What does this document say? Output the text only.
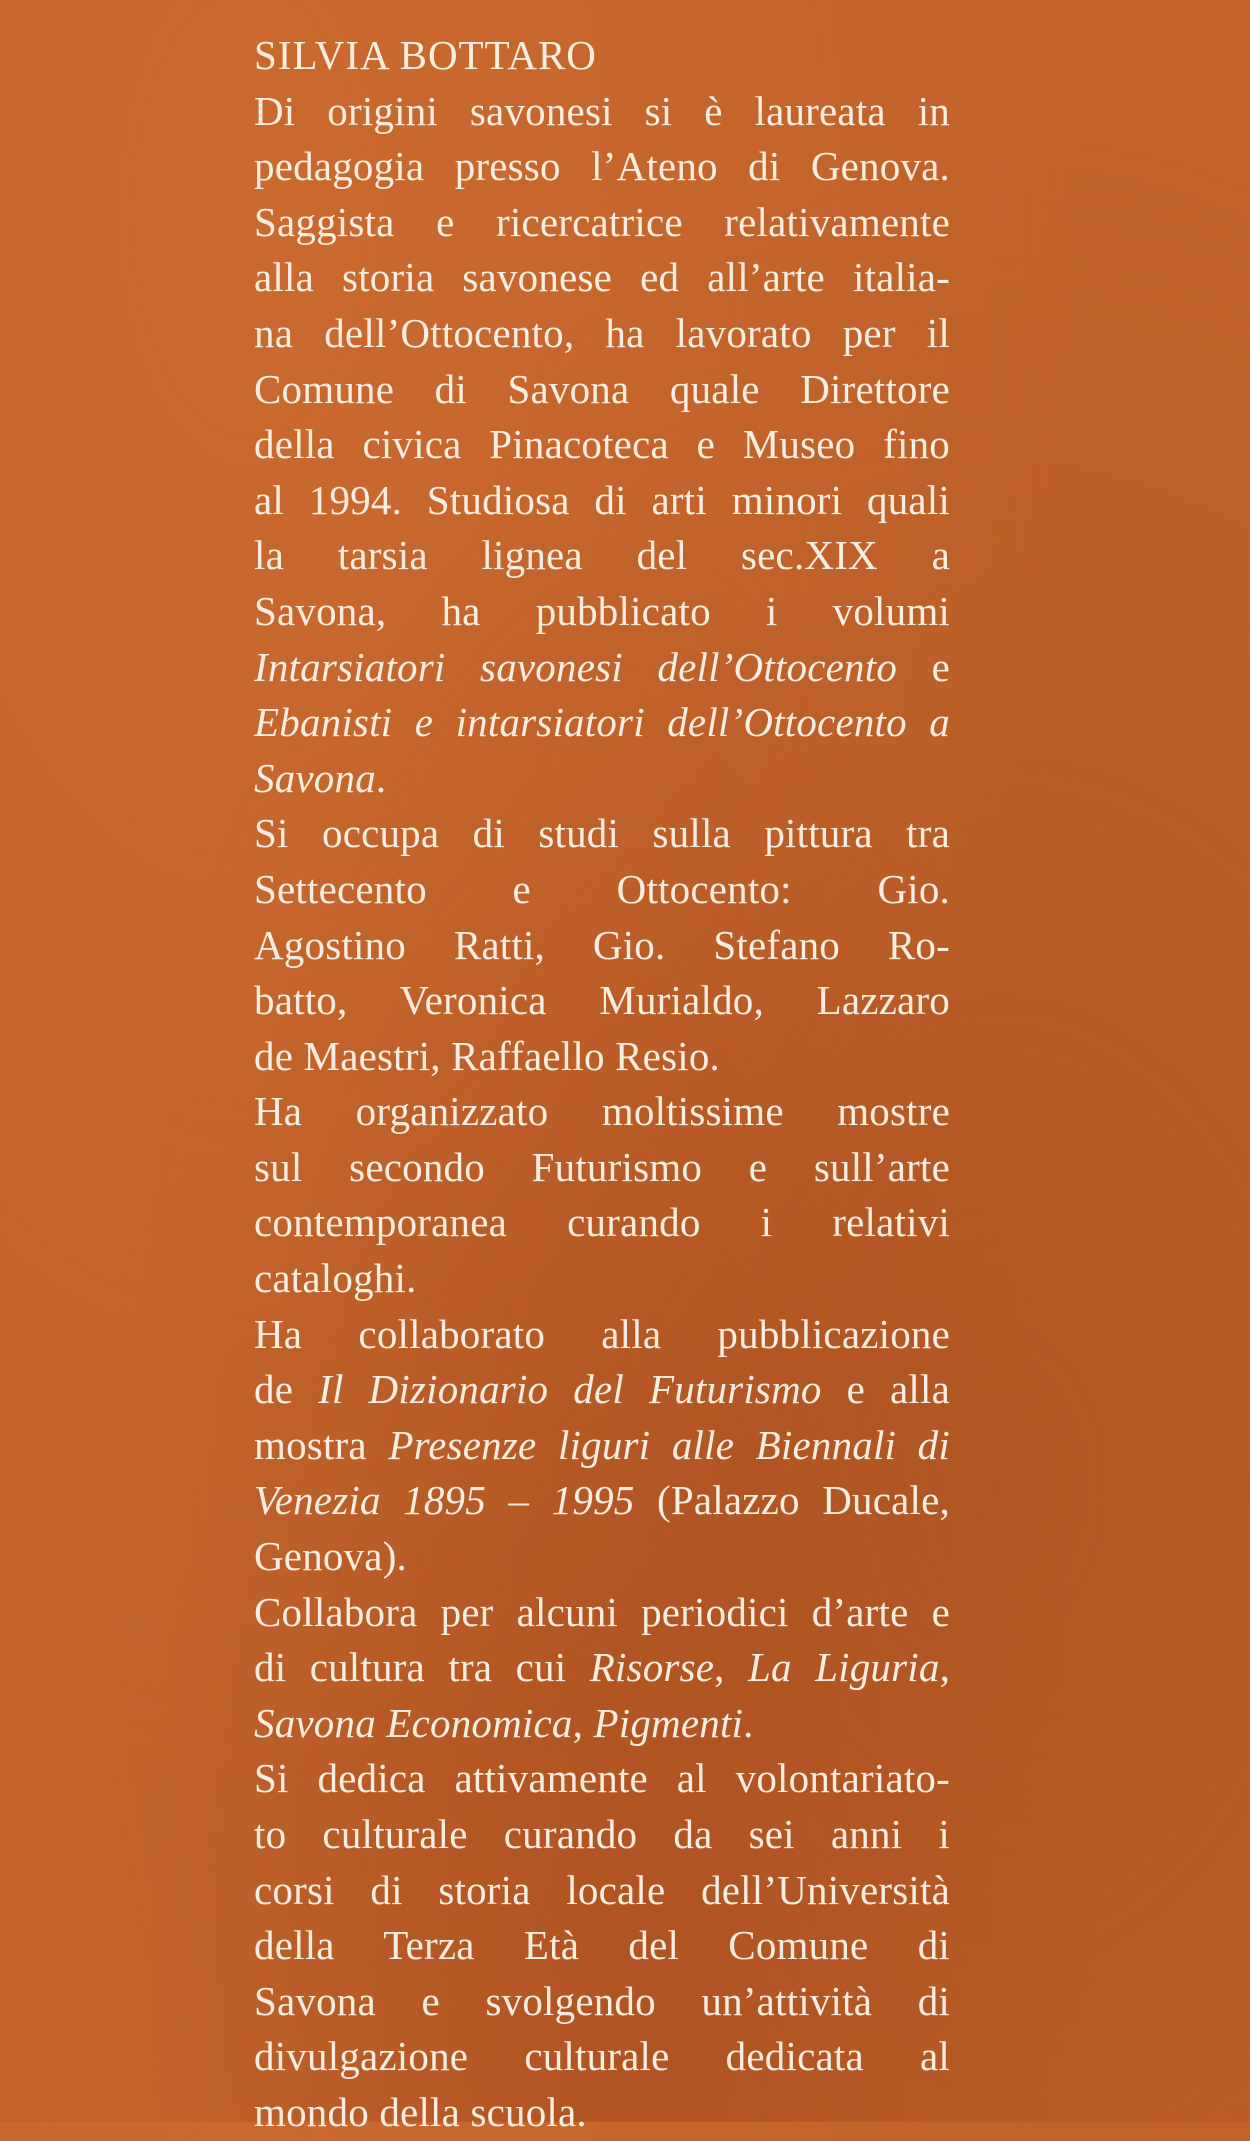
SILVIA BOTTARO
Di origini savonesi si è laureata in
pedagogia presso l’Ateno di Genova.
Saggista e ricercatrice relativamente
alla storia savonese ed all’arte italia-
na dell’Ottocento, ha lavorato per il
Comune di Savona quale Direttore
della civica Pinacoteca e Museo fino
al 1994. Studiosa di arti minori quali
la tarsia lignea del sec.XIX a
Savona, ha pubblicato i volumi
Intarsiatori savonesi dell’Ottocento e
Ebanisti e intarsiatori dell’Ottocento a
Savona.
Si occupa di studi sulla pittura tra
Settecento e Ottocento: Gio.
Agostino Ratti, Gio. Stefano Ro-
batto, Veronica Murialdo, Lazzaro
de Maestri, Raffaello Resio.
Ha organizzato moltissime mostre
sul secondo Futurismo e sull’arte
contemporanea curando i relativi
cataloghi.
Ha collaborato alla pubblicazione
de Il Dizionario del Futurismo e alla
mostra Presenze liguri alle Biennali di
Venezia 1895 – 1995 (Palazzo Ducale,
Genova).
Collabora per alcuni periodici d’arte e
di cultura tra cui Risorse, La Liguria,
Savona Economica, Pigmenti.
Si dedica attivamente al volontariato-
to culturale curando da sei anni i
corsi di storia locale dell’Università
della Terza Età del Comune di
Savona e svolgendo un’attività di
divulgazione culturale dedicata al
mondo della scuola.
